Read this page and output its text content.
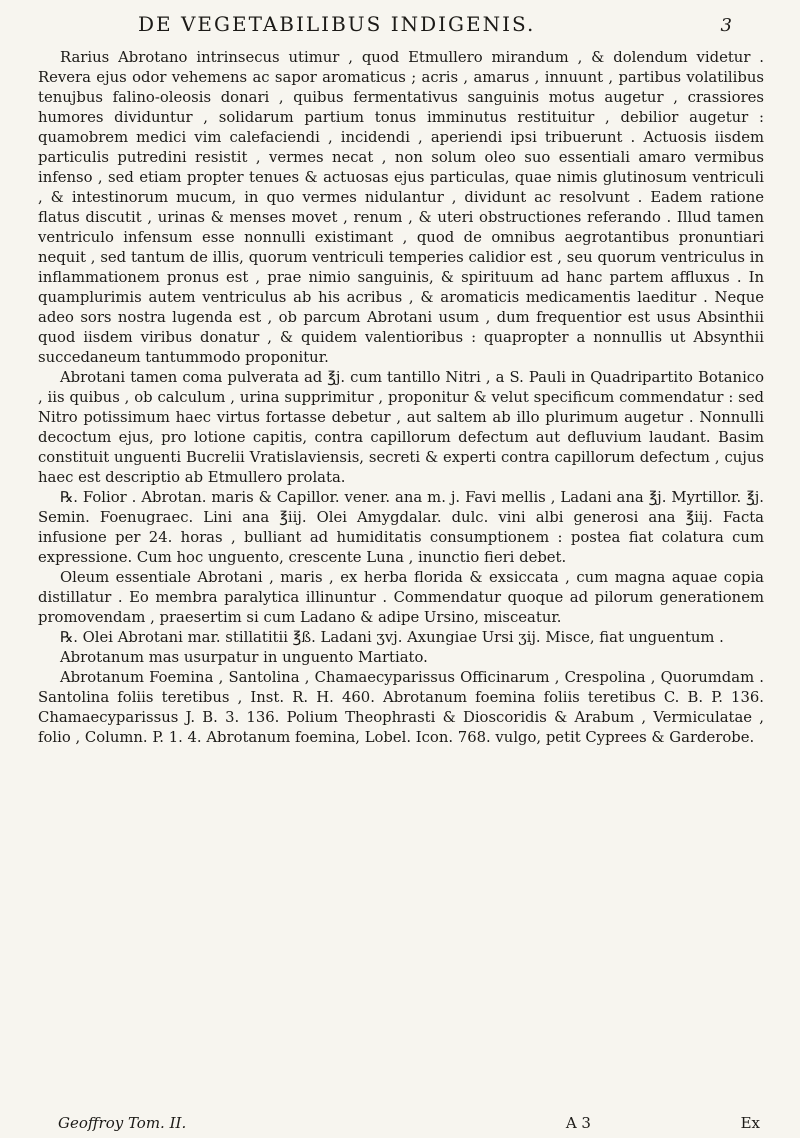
DE VEGETABILIBUS INDIGENIS.	3

Rarius Abrotano intrinsecus utimur , quod Etmullero mirandum , & dolendum videtur . Revera ejus odor vehemens ac sapor aromaticus ; acris , amarus , innuunt , partibus volatilibus tenujbus falino-oleosis donari , quibus fermentativus sanguinis motus augetur , crassiores humores dividuntur , solidarum partium tonus imminutus restituitur , debilior augetur : quamobrem medici vim calefaciendi , incidendi , aperiendi ipsi tribuerunt . Actuosis iisdem particulis putredini resistit , vermes necat , non solum oleo suo essentiali amaro vermibus infenso , sed etiam propter tenues & actuosas ejus particulas, quae nimis glutinosum ventriculi , & intestinorum mucum, in quo vermes nidulantur , dividunt ac resolvunt . Eadem ratione flatus discutit , urinas & menses movet , renum , & uteri obstructiones referando . Illud tamen ventriculo infensum esse nonnulli existimant , quod de omnibus aegrotantibus pronuntiari nequit , sed tantum de illis, quorum ventriculi temperies calidior est , seu quorum ventriculus in inflammationem pronus est , prae nimio sanguinis, & spirituum ad hanc partem affluxus . In quamplurimis autem ventriculus ab his acribus , & aromaticis medicamentis laeditur . Neque adeo sors nostra lugenda est , ob parcum Abrotani usum , dum frequentior est usus Absinthii quod iisdem viribus donatur , & quidem valentioribus : quapropter a nonnullis ut Absynthii succedaneum tantummodo proponitur.

Abrotani tamen coma pulverata ad ℥j. cum tantillo Nitri , a S. Pauli in Quadripartito Botanico , iis quibus , ob calculum , urina supprimitur , proponitur & velut specificum commendatur : sed Nitro potissimum haec virtus fortasse debetur , aut saltem ab illo plurimum augetur . Nonnulli decoctum ejus, pro lotione capitis, contra capillorum defectum aut defluvium laudant. Basim constituit unguenti Bucrelii Vratislaviensis, secreti & experti contra capillorum defectum , cujus haec est descriptio ab Etmullero prolata.

℞. Folior . Abrotan. maris & Capillor. vener. ana m. j. Favi mellis , Ladani ana ℥j. Myrtillor. ℥j. Semin. Foenugraec. Lini ana ℥iij. Olei Amygdalar. dulc. vini albi generosi ana ℥iij. Facta infusione per 24. horas , bulliant ad humiditatis consumptionem : postea fiat colatura cum expressione. Cum hoc unguento, crescente Luna , inunctio fieri debet.

Oleum essentiale Abrotani , maris , ex herba florida & exsiccata , cum magna aquae copia distillatur . Eo membra paralytica illinuntur . Commendatur quoque ad pilorum generationem promovendam , praesertim si cum Ladano & adipe Ursino, misceatur.

℞. Olei Abrotani mar. stillatitii ℥ß. Ladani ʒvj. Axungiae Ursi ʒij. Misce, fiat unguentum .

Abrotanum mas usurpatur in unguento Martiato.

Abrotanum Foemina , Santolina , Chamaecyparissus Officinarum , Crespolina , Quorumdam . Santolina foliis teretibus , Inst. R. H. 460. Abrotanum foemina foliis teretibus C. B. P. 136. Chamaecyparissus J. B. 3. 136. Polium Theophrasti & Dioscoridis & Arabum , Vermiculatae , folio , Column. P. 1. 4. Abrotanum foemina, Lobel. Icon. 768. vulgo, petit Cyprees & Garderobe.

Geoffroy Tom. II.	A 3	Ex
